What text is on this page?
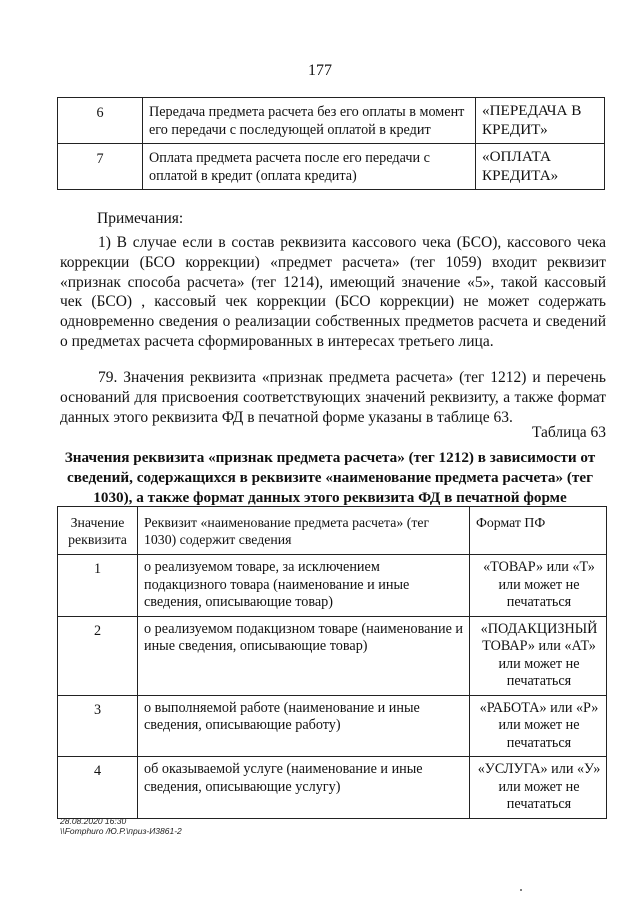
177
6	Передача предмета расчета без его оплаты в момент его передачи с последующей оплатой в кредит	«ПЕРЕДАЧА В КРЕДИТ»
7	Оплата предмета расчета после его передачи с оплатой в кредит (оплата кредита)	«ОПЛАТА КРЕДИТА»
Примечания:
1) В случае если в состав реквизита кассового чека (БСО), кассового чека коррекции (БСО коррекции) «предмет расчета» (тег 1059) входит реквизит «признак способа расчета» (тег 1214), имеющий значение «5», такой кассовый чек (БСО) , кассовый чек коррекции (БСО коррекции) не может содержать одновременно сведения о реализации собственных предметов расчета и сведений о предметах расчета сформированных в интересах третьего лица.
79. Значения реквизита «признак предмета расчета» (тег 1212) и перечень оснований для присвоения соответствующих значений реквизиту, а также формат данных этого реквизита ФД в печатной форме указаны в таблице 63.
Таблица 63
Значения реквизита «признак предмета расчета» (тег 1212) в зависимости от сведений, содержащихся в реквизите «наименование предмета расчета» (тег 1030), а также формат данных этого реквизита ФД в печатной форме
Значение реквизита	Реквизит «наименование предмета расчета» (тег 1030) содержит сведения	Формат ПФ

1	о реализуемом товаре, за исключением подакцизного товара (наименование и иные сведения, описывающие товар)	«ТОВАР» или «Т»
или может не печататься

2	о реализуемом подакцизном товаре (наименование и иные сведения, описывающие товар)	«ПОДАКЦИЗНЫЙ ТОВАР» или «АТ»
или может не печататься

3	о выполняемой работе (наименование и иные сведения, описывающие работу)	«РАБОТА» или «Р»
или может не печататься

4	об оказываемой услуге (наименование и иные сведения, описывающие услугу)	«УСЛУГА» или «У» или может не
печататься
28.08.2020 16:30
\\Fomphuro /Ю.Р.\приз-И3861-2
